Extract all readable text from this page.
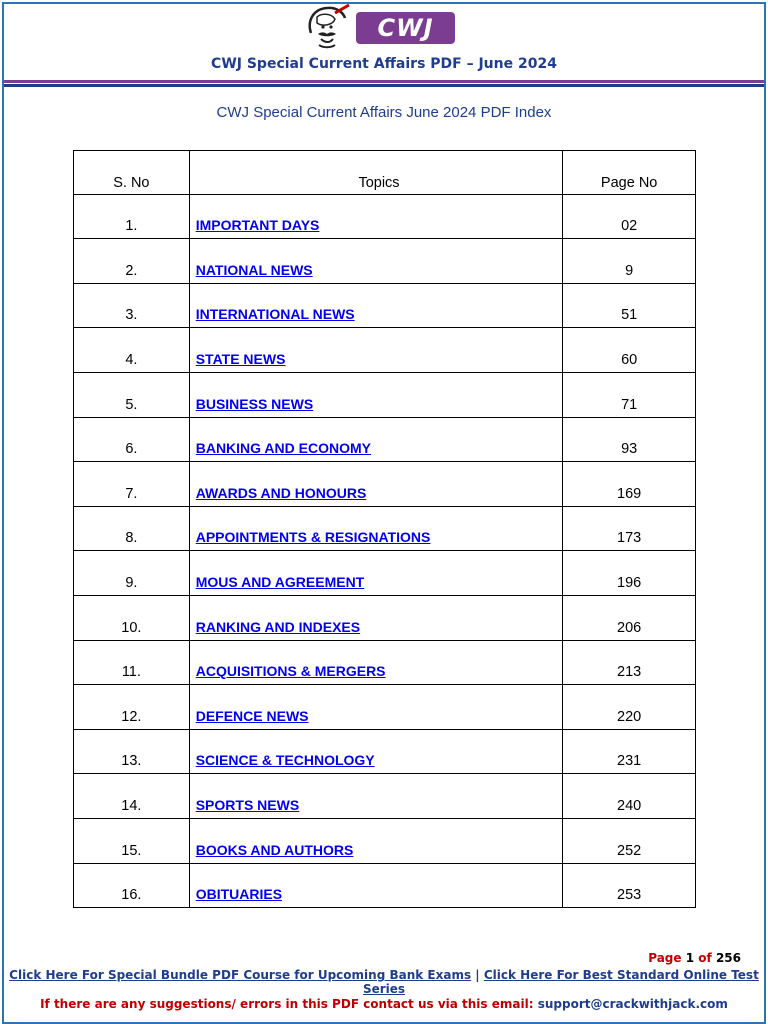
CWJ
CWJ Special Current Affairs PDF – June 2024
CWJ Special Current Affairs June 2024 PDF Index
S. No	Topics	Page No
1.	IMPORTANT DAYS	02
2.	NATIONAL NEWS	9
3.	INTERNATIONAL NEWS	51
4.	STATE NEWS	60
5.	BUSINESS NEWS	71
6.	BANKING AND ECONOMY	93
7.	AWARDS AND HONOURS	169
8.	APPOINTMENTS & RESIGNATIONS	173
9.	MOUS AND AGREEMENT	196
10.	RANKING AND INDEXES	206
11.	ACQUISITIONS & MERGERS	213
12.	DEFENCE NEWS	220
13.	SCIENCE & TECHNOLOGY	231
14.	SPORTS NEWS	240
15.	BOOKS AND AUTHORS	252
16.	OBITUARIES	253
Page 1 of 256
Click Here For Special Bundle PDF Course for Upcoming Bank Exams | Click Here For Best Standard Online Test Series
If there are any suggestions/ errors in this PDF contact us via this email: support@crackwithjack.com
